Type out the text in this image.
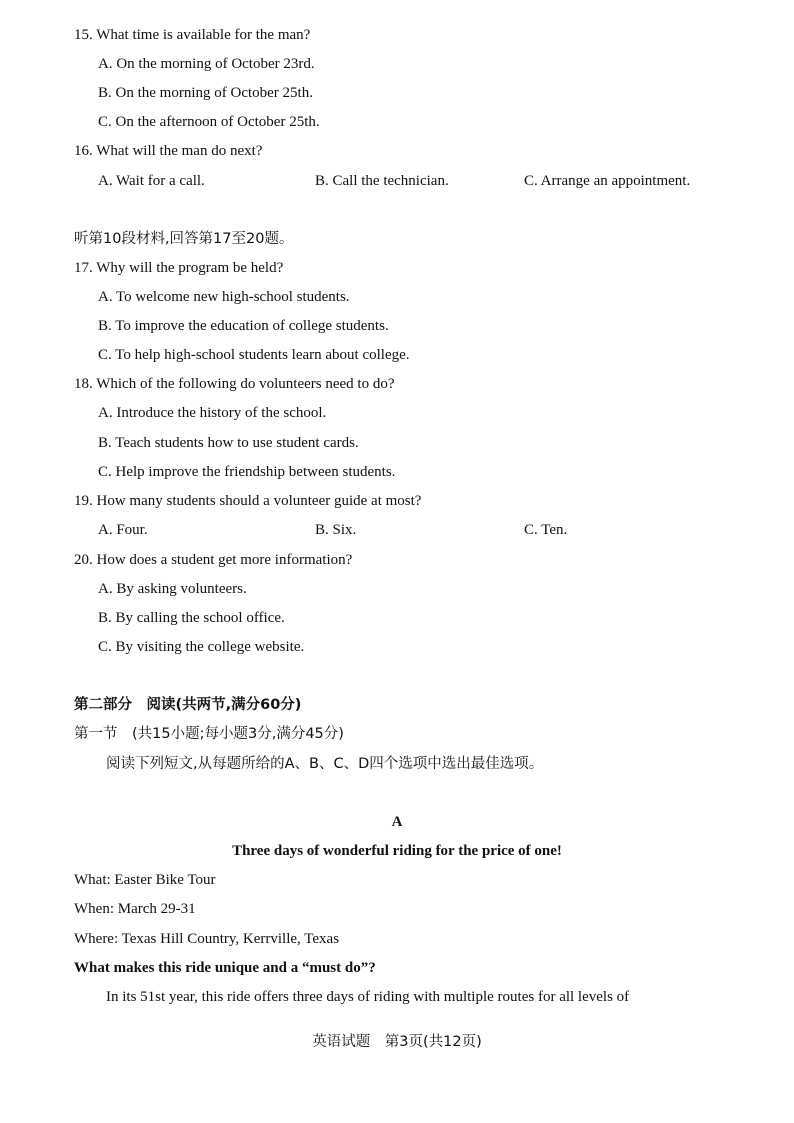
15. What time is available for the man?
A. On the morning of October 23rd.
B. On the morning of October 25th.
C. On the afternoon of October 25th.
16. What will the man do next?
A. Wait for a call.	B. Call the technician.	C. Arrange an appointment.
听第10段材料,回答第17至20题。
17. Why will the program be held?
A. To welcome new high-school students.
B. To improve the education of college students.
C. To help high-school students learn about college.
18. Which of the following do volunteers need to do?
A. Introduce the history of the school.
B. Teach students how to use student cards.
C. Help improve the friendship between students.
19. How many students should a volunteer guide at most?
A. Four.	B. Six.	C. Ten.
20. How does a student get more information?
A. By asking volunteers.
B. By calling the school office.
C. By visiting the college website.
第二部分　阅读(共两节,满分60分)
第一节　(共15小题;每小题3分,满分45分)
阅读下列短文,从每题所给的A、B、C、D四个选项中选出最佳选项。
A
Three days of wonderful riding for the price of one!
What: Easter Bike Tour
When: March 29-31
Where: Texas Hill Country, Kerrville, Texas
What makes this ride unique and a “must do”?
In its 51st year, this ride offers three days of riding with multiple routes for all levels of
英语试题　第3页(共12页)
